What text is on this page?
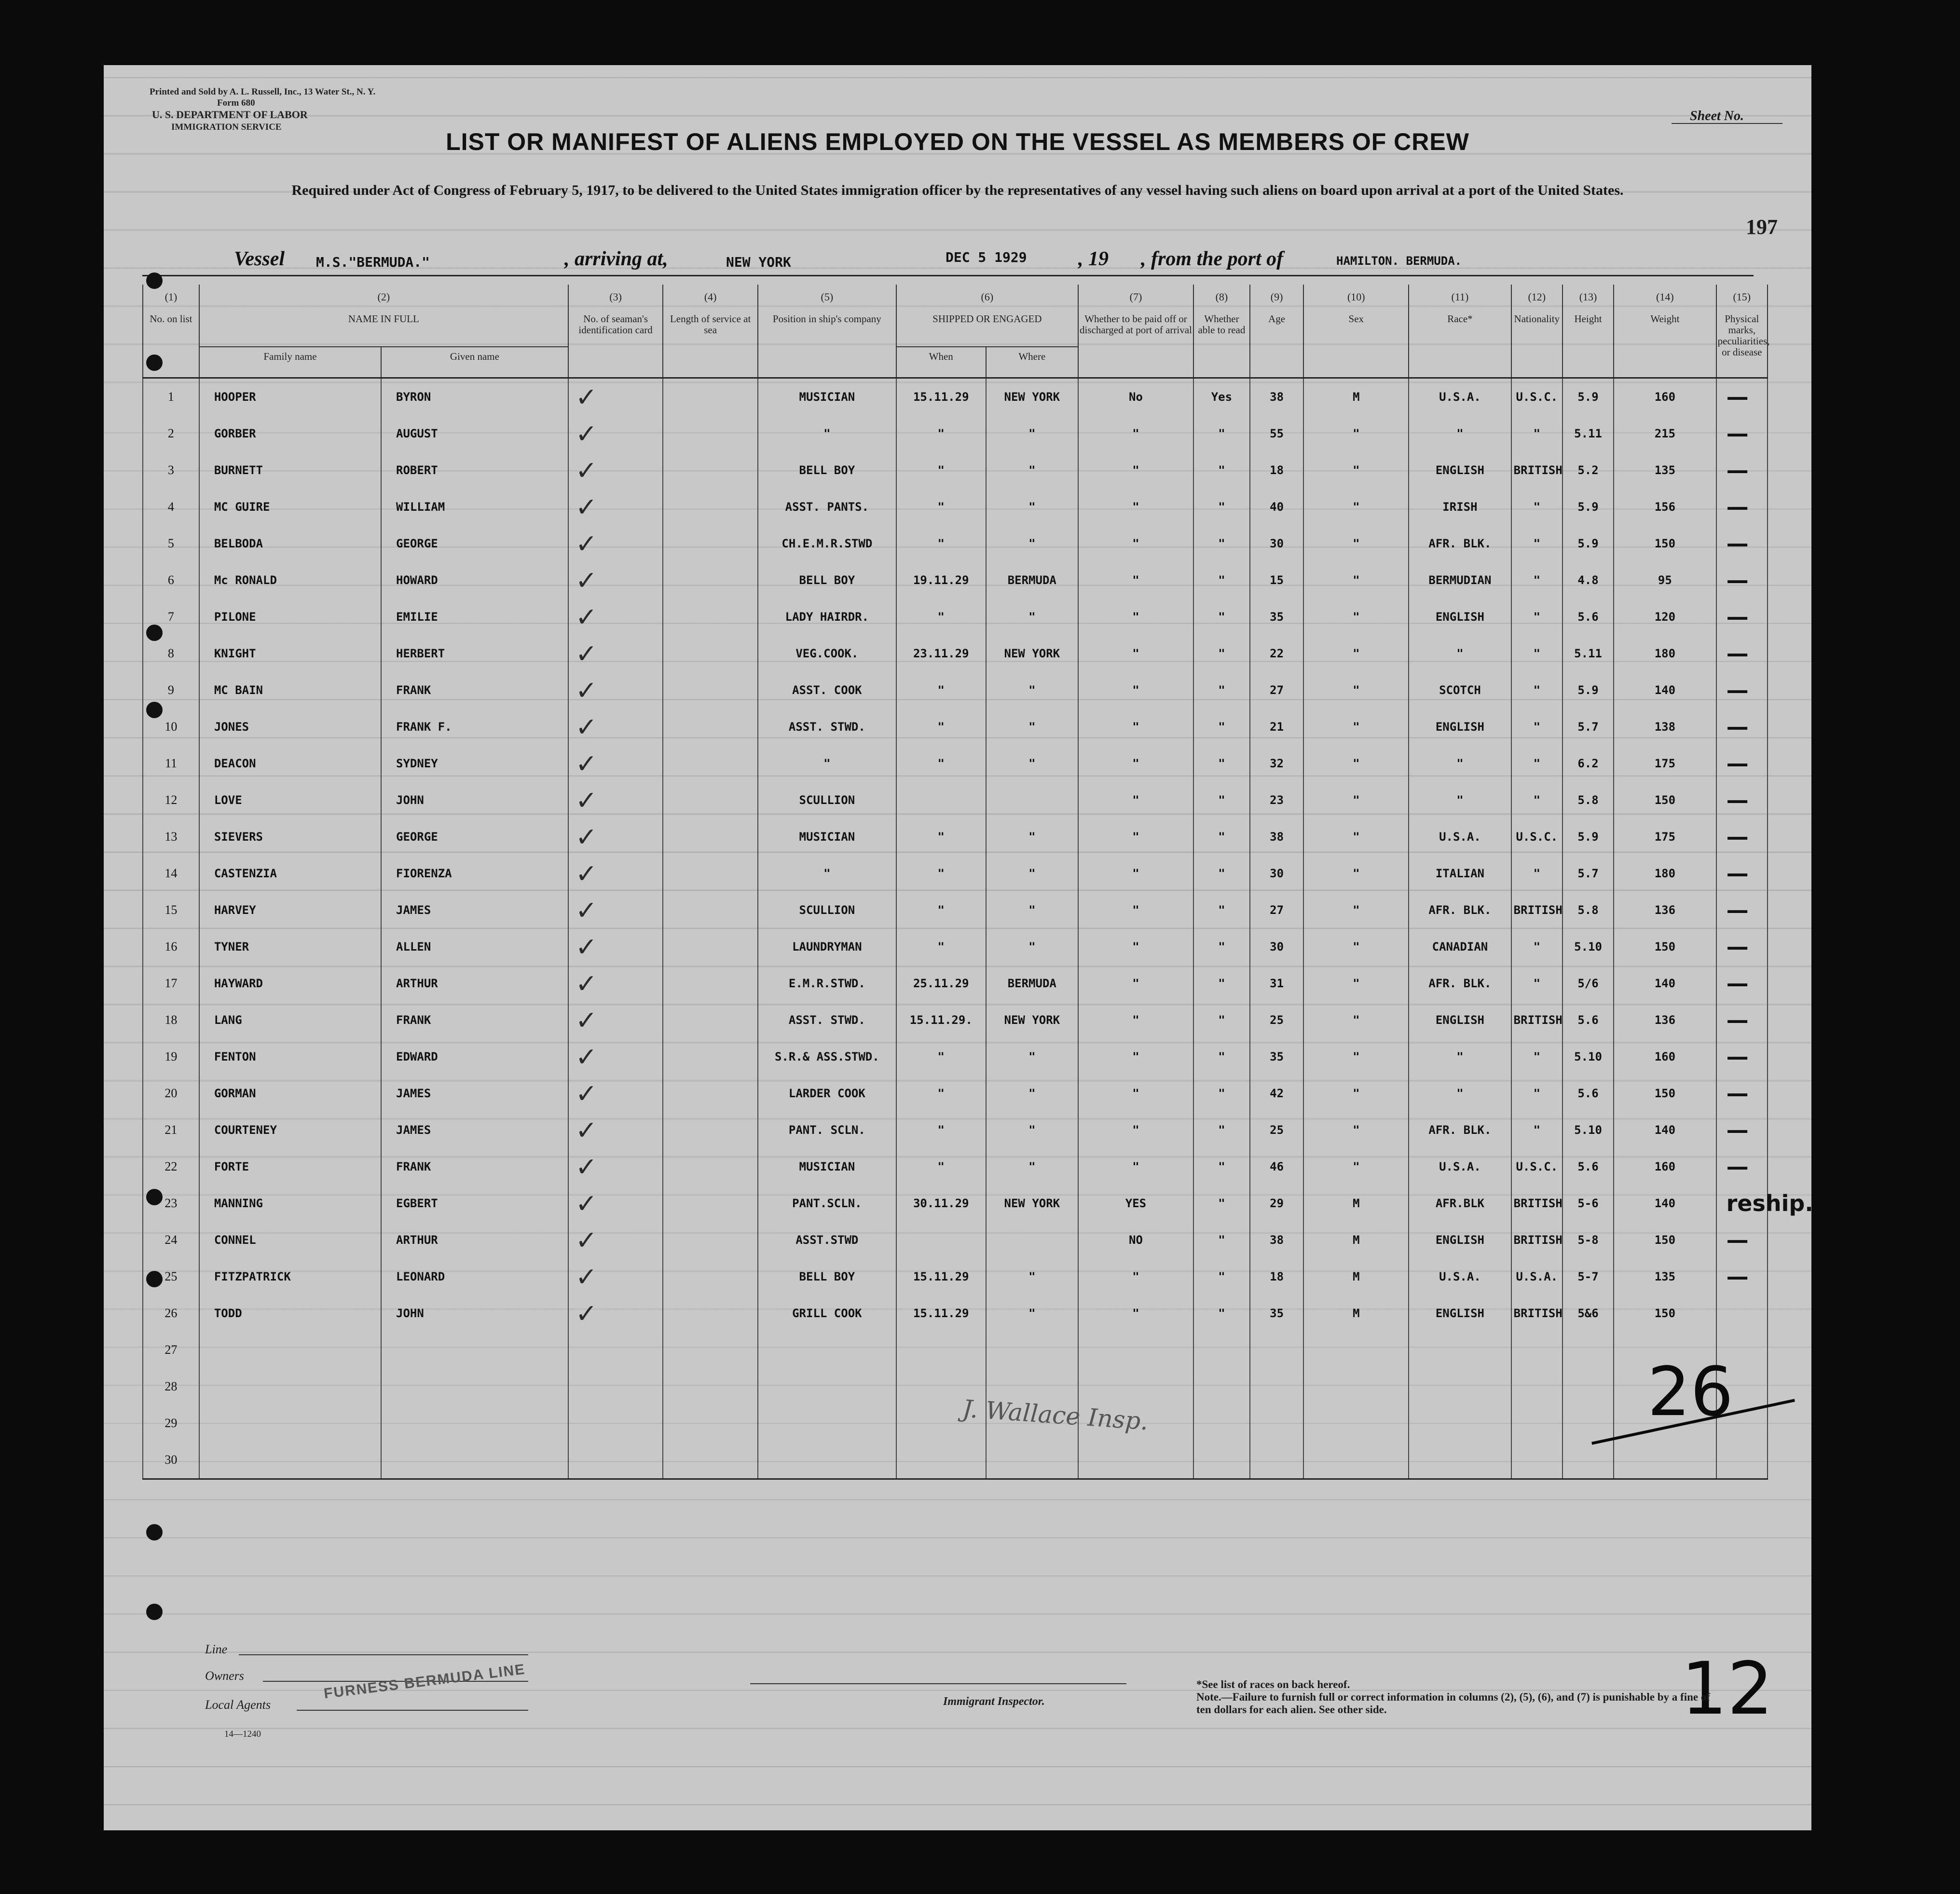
Printed and Sold by A. L. Russell, Inc., 13 Water St., N. Y.
Form 680
U. S. DEPARTMENT OF LABOR
IMMIGRATION SERVICE
Sheet No.
LIST OR MANIFEST OF ALIENS EMPLOYED ON THE VESSEL AS MEMBERS OF CREW
Required under Act of Congress of February 5, 1917, to be delivered to the United States immigration officer by the representatives of any vessel having such aliens on board upon arrival at a port of the United States.
197
Vessel M.S."BERMUDA."	, arriving at,	NEW YORK	DEC 5 1929	, 19 , from the port of	HAMILTON. BERMUDA.
(1)	(2)		(3)	(4)	(5)	(6)		(7)	(8)	(9)	(10)	(11)	(12)	(13)	(14)	(15)
No. on list	NAME IN FULL		No. of seaman's identification card	Length of service at sea	Position in ship's company	SHIPPED OR ENGAGED		Whether to be paid off or discharged at port of arrival	Whether able to read	Age	Sex	Race*	Nationality	Height	Weight	Physical marks, peculiarities, or disease
	Family name	Given name				When	Where									
1	HOOPER	BYRON	✓		MUSICIAN	15.11.29	NEW YORK	No	Yes	38	M	U.S.A.	U.S.C.	5.9	160	—
2	GORBER	AUGUST	✓		"	"	"	"	"	55	"	"	"	5.11	215	—
3	BURNETT	ROBERT	✓		BELL BOY	"	"	"	"	18	"	ENGLISH	BRITISH	5.2	135	—
4	MC GUIRE	WILLIAM	✓		ASST. PANTS.	"	"	"	"	40	"	IRISH	"	5.9	156	—
5	BELBODA	GEORGE	✓		CH.E.M.R.STWD	"	"	"	"	30	"	AFR. BLK.	"	5.9	150	—
6	Mc RONALD	HOWARD	✓		BELL BOY	19.11.29	BERMUDA	"	"	15	"	BERMUDIAN	"	4.8	95	—
7	PILONE	EMILIE	✓		LADY HAIRDR.	"	"	"	"	35	"	ENGLISH	"	5.6	120	—
8	KNIGHT	HERBERT	✓		VEG.COOK.	23.11.29	NEW YORK	"	"	22	"	"	"	5.11	180	—
9	MC BAIN	FRANK	✓		ASST. COOK	"	"	"	"	27	"	SCOTCH	"	5.9	140	—
10	JONES	FRANK F.	✓		ASST. STWD.	"	"	"	"	21	"	ENGLISH	"	5.7	138	—
11	DEACON	SYDNEY	✓		"	"	"	"	"	32	"	"	"	6.2	175	—
12	LOVE	JOHN	✓		SCULLION			"	"	23	"	"	"	5.8	150	—
13	SIEVERS	GEORGE	✓		MUSICIAN	"	"	"	"	38	"	U.S.A.	U.S.C.	5.9	175	—
14	CASTENZIA	FIORENZA	✓		"	"	"	"	"	30	"	ITALIAN	"	5.7	180	—
15	HARVEY	JAMES	✓		SCULLION	"	"	"	"	27	"	AFR. BLK.	BRITISH	5.8	136	—
16	TYNER	ALLEN	✓		LAUNDRYMAN	"	"	"	"	30	"	CANADIAN	"	5.10	150	—
17	HAYWARD	ARTHUR	✓		E.M.R.STWD.	25.11.29	BERMUDA	"	"	31	"	AFR. BLK.	"	5/6	140	—
18	LANG	FRANK	✓		ASST. STWD.	15.11.29.	NEW YORK	"	"	25	"	ENGLISH	BRITISH	5.6	136	—
19	FENTON	EDWARD	✓		S.R.& ASS.STWD.	"	"	"	"	35	"	"	"	5.10	160	—
20	GORMAN	JAMES	✓		LARDER COOK	"	"	"	"	42	"	"	"	5.6	150	—
21	COURTENEY	JAMES	✓		PANT. SCLN.	"	"	"	"	25	"	AFR. BLK.	"	5.10	140	—
22	FORTE	FRANK	✓		MUSICIAN	"	"	"	"	46	"	U.S.A.	U.S.C.	5.6	160	—
23	MANNING	EGBERT	✓		PANT.SCLN.	30.11.29	NEW YORK	YES	"	29	M	AFR.BLK	BRITISH	5-6	140	reship.
24	CONNEL	ARTHUR	✓		ASST.STWD			NO	"	38	M	ENGLISH	BRITISH	5-8	150	—
25	FITZPATRICK	LEONARD	✓		BELL BOY	15.11.29	"	"	"	18	M	U.S.A.	U.S.A.	5-7	135	—
26	TODD	JOHN	✓		GRILL COOK	15.11.29	"	"	"	35	M	ENGLISH	BRITISH	5&6	150	
27																
28																
29																
30																
J. Wallace Insp.	26
12
Line
Owners
Local Agents
FURNESS BERMUDA LINE
14—1240
Immigrant Inspector.
*See list of races on back hereof.
Note.—Failure to furnish full or correct information in columns (2), (5), (6), and (7) is punishable by a fine of ten dollars for each alien. See other side.
